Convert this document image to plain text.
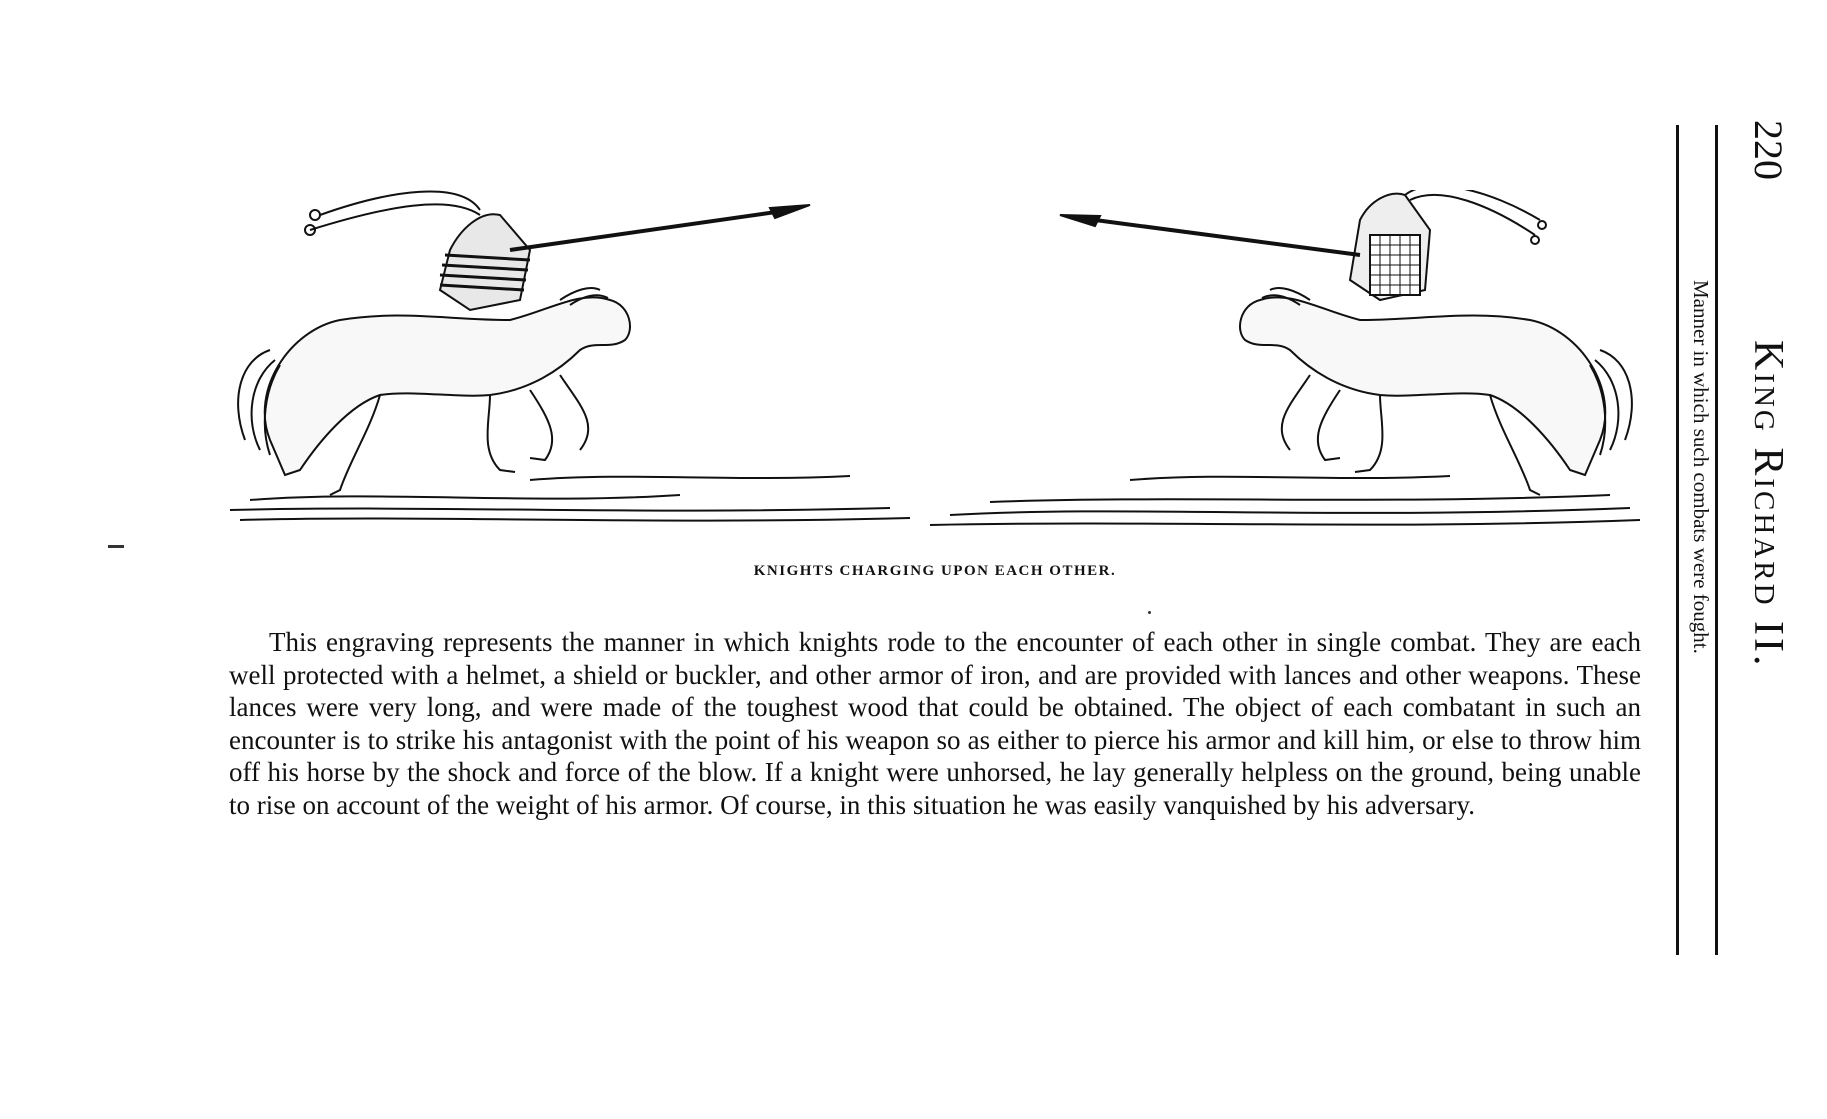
KNIGHTS CHARGING UPON EACH OTHER.
This engraving represents the manner in which knights rode to the encounter of each other in single combat. They are each well protected with a helmet, a shield or buckler, and other armor of iron, and are provided with lances and other weapons. These lances were very long, and were made of the toughest wood that could be obtained. The object of each combatant in such an encounter is to strike his antagonist with the point of his weapon so as either to pierce his armor and kill him, or else to throw him off his horse by the shock and force of the blow. If a knight were unhorsed, he lay generally helpless on the ground, being unable to rise on account of the weight of his armor. Of course, in this situation he was easily vanquished by his adversary.
220
King Richard II.
Manner in which such combats were fought.
